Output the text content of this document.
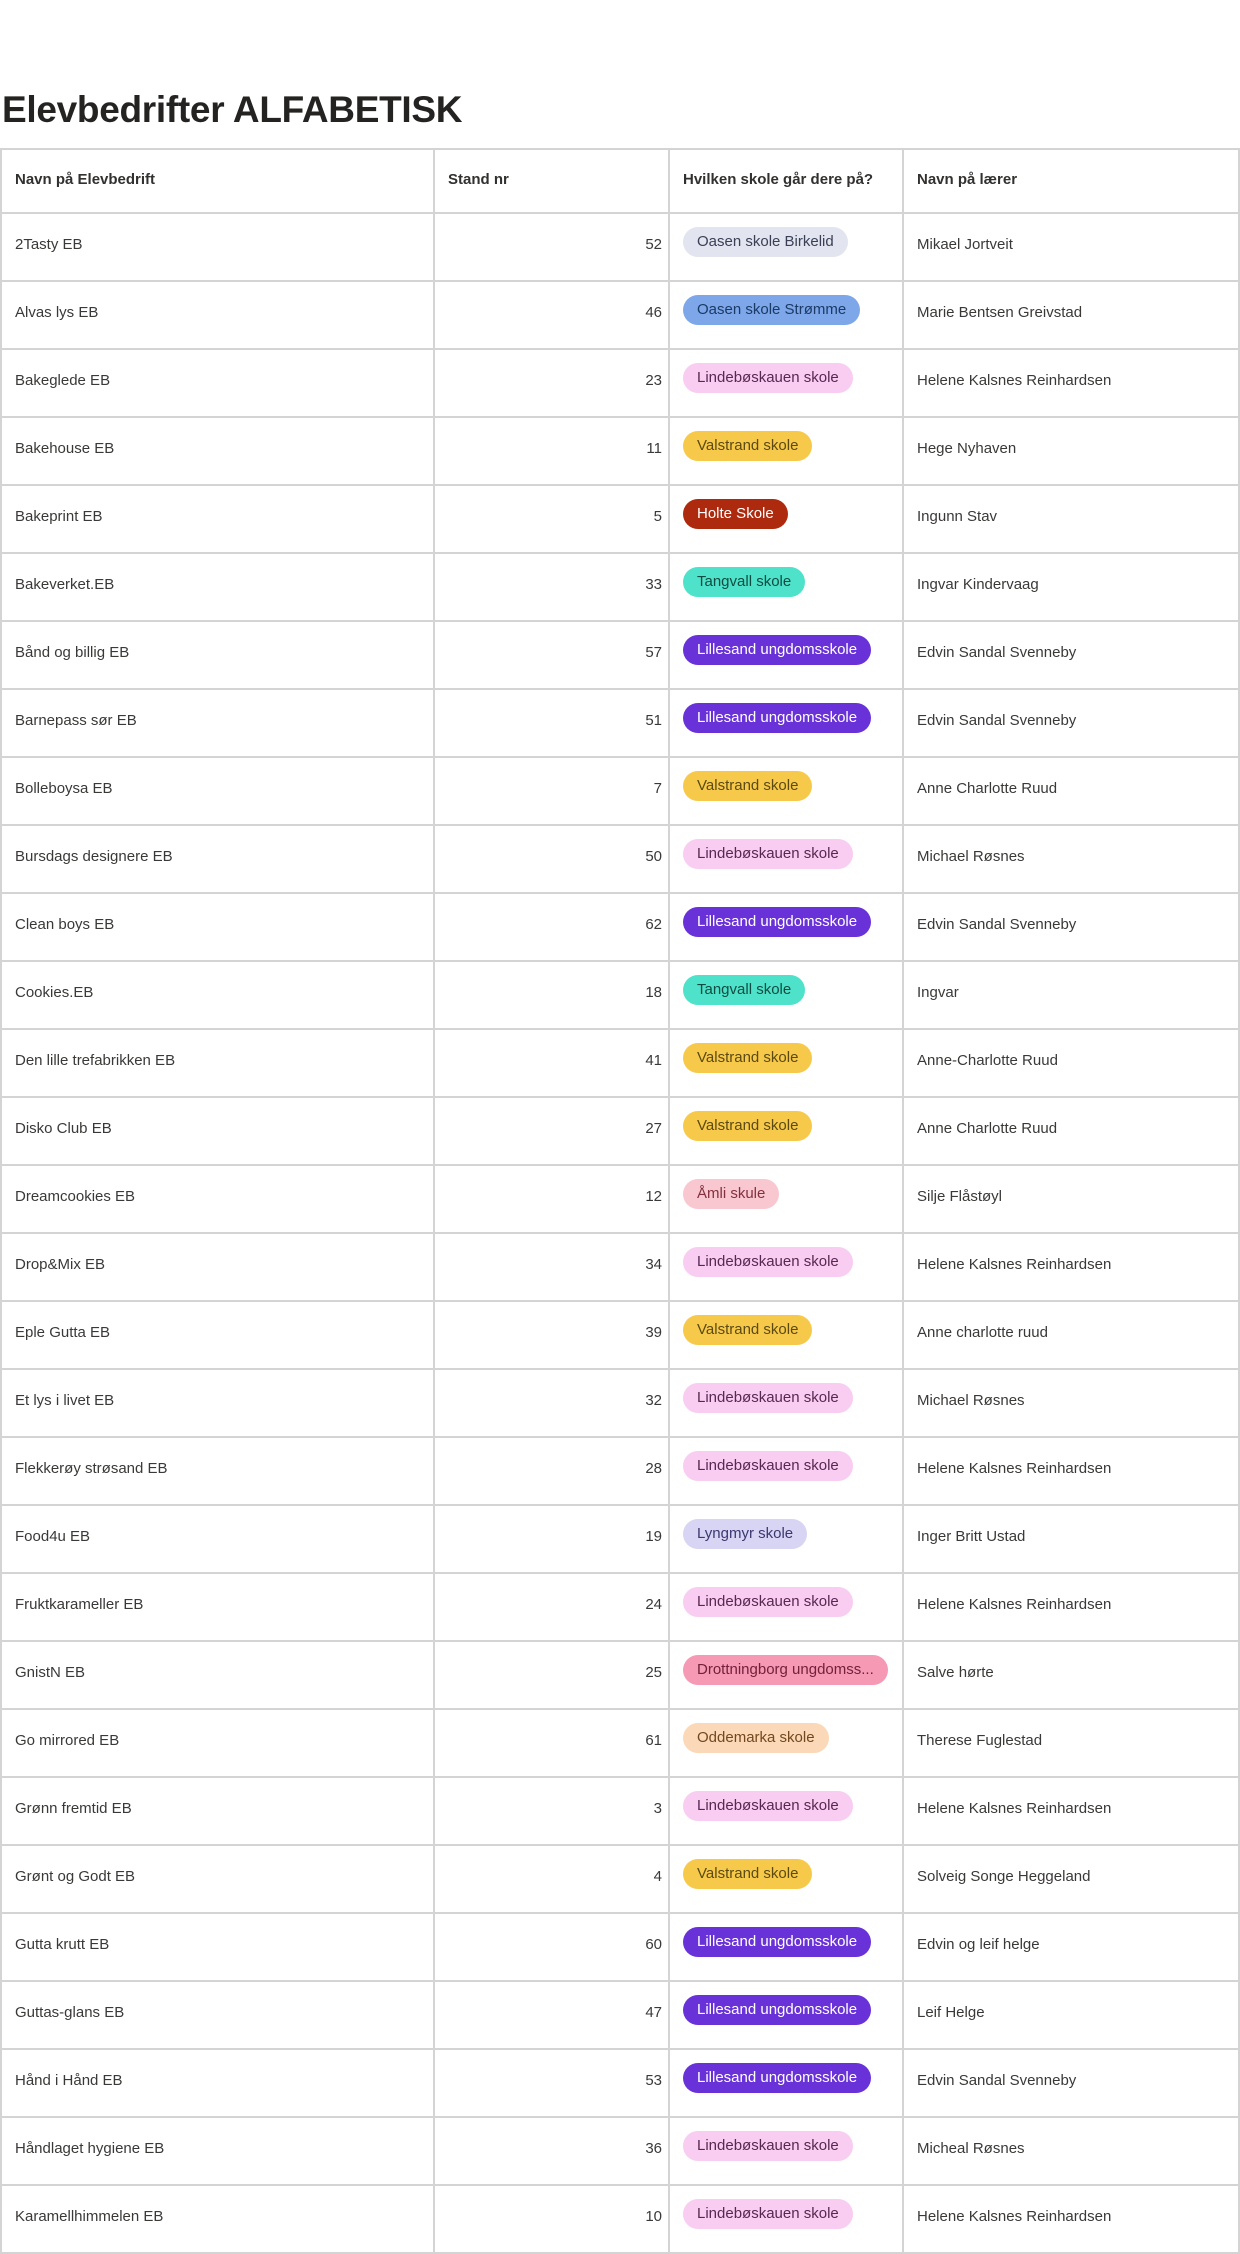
Elevbedrifter ALFABETISK
Navn på Elevbedrift	Stand nr	Hvilken skole går dere på?	Navn på lærer
2Tasty EB	52	Oasen skole Birkelid	Mikael Jortveit
Alvas lys EB	46	Oasen skole Strømme	Marie Bentsen Greivstad
Bakeglede EB	23	Lindebøskauen skole	Helene Kalsnes Reinhardsen
Bakehouse EB	11	Valstrand skole	Hege Nyhaven
Bakeprint EB	5	Holte Skole	Ingunn Stav
Bakeverket.EB	33	Tangvall skole	Ingvar Kindervaag
Bånd og billig EB	57	Lillesand ungdomsskole	Edvin Sandal Svenneby
Barnepass sør EB	51	Lillesand ungdomsskole	Edvin Sandal Svenneby
Bolleboysa EB	7	Valstrand skole	Anne Charlotte Ruud
Bursdags designere EB	50	Lindebøskauen skole	Michael Røsnes
Clean boys EB	62	Lillesand ungdomsskole	Edvin Sandal Svenneby
Cookies.EB	18	Tangvall skole	Ingvar
Den lille trefabrikken EB	41	Valstrand skole	Anne-Charlotte Ruud
Disko Club EB	27	Valstrand skole	Anne Charlotte Ruud
Dreamcookies EB	12	Åmli skule	Silje Flåstøyl
Drop&Mix EB	34	Lindebøskauen skole	Helene Kalsnes Reinhardsen
Eple Gutta EB	39	Valstrand skole	Anne charlotte ruud
Et lys i livet EB	32	Lindebøskauen skole	Michael Røsnes
Flekkerøy strøsand EB	28	Lindebøskauen skole	Helene Kalsnes Reinhardsen
Food4u EB	19	Lyngmyr skole	Inger Britt Ustad
Fruktkarameller EB	24	Lindebøskauen skole	Helene Kalsnes Reinhardsen
GnistN EB	25	Drottningborg ungdomss...	Salve hørte
Go mirrored EB	61	Oddemarka skole	Therese Fuglestad
Grønn fremtid EB	3	Lindebøskauen skole	Helene Kalsnes Reinhardsen
Grønt og Godt EB	4	Valstrand skole	Solveig Songe Heggeland
Gutta krutt EB	60	Lillesand ungdomsskole	Edvin og leif helge
Guttas-glans EB	47	Lillesand ungdomsskole	Leif Helge
Hånd i Hånd EB	53	Lillesand ungdomsskole	Edvin Sandal Svenneby
Håndlaget hygiene EB	36	Lindebøskauen skole	Micheal Røsnes
Karamellhimmelen EB	10	Lindebøskauen skole	Helene Kalsnes Reinhardsen
